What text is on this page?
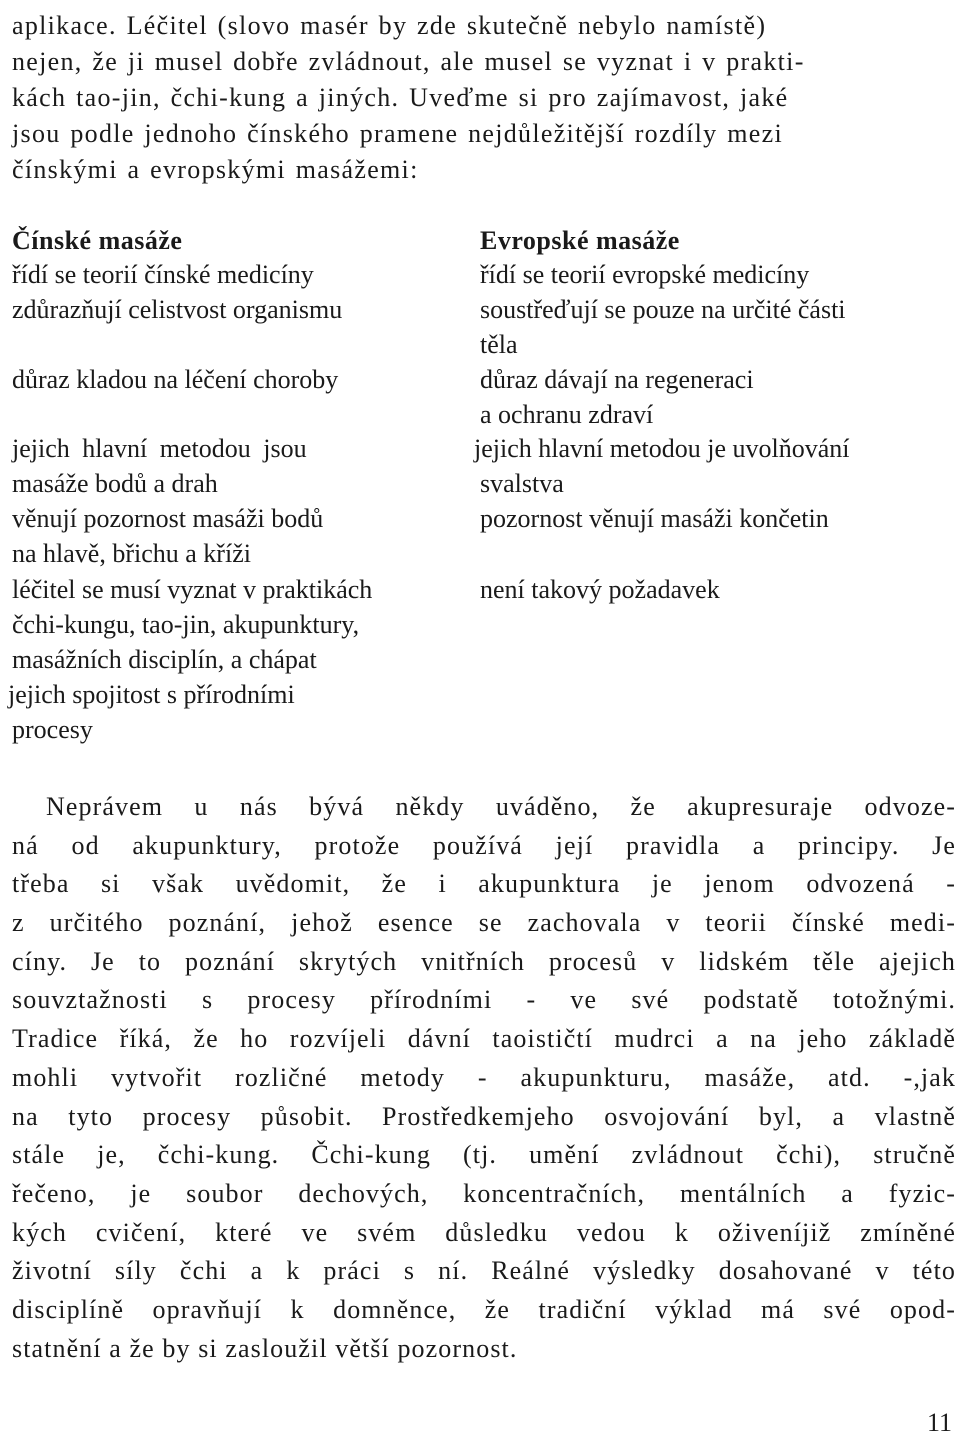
aplikace. Léčitel (slovo masér by zde skutečně nebylo namístě)
nejen, že ji musel dobře zvládnout, ale musel se vyznat i v prakti-
kách tao-jin, čchi-kung a jiných. Uveďme si pro zajímavost, jaké
jsou podle jednoho čínského pramene nejdůležitější rozdíly mezi
čínskými a evropskými masážemi:
Čínské masáže
řídí se teorií čínské medicíny
zdůrazňují celistvost organismu
důraz kladou na léčení choroby
jejich hlavní metodou jsou
masáže bodů a drah
věnují pozornost masáži bodů
na hlavě, břichu a kříži
léčitel se musí vyznat v praktikách
čchi-kungu, tao-jin, akupunktury,
masážních disciplín, a chápat
jejich spojitost s přírodními
procesy
Evropské masáže
řídí se teorií evropské medicíny
soustřeďují se pouze na určité části
těla
důraz dávají na regeneraci
a ochranu zdraví
jejich hlavní metodou je uvolňování
svalstva
pozornost věnují masáži končetin
není takový požadavek
Neprávem u nás bývá někdy uváděno, že akupresuraje odvoze-
ná od akupunktury, protože používá její pravidla a principy. Je
třeba si však uvědomit, že i akupunktura je jenom odvozená -
z určitého poznání, jehož esence se zachovala v teorii čínské medi-
cíny. Je to poznání skrytých vnitřních procesů v lidském těle ajejich
souvztažnosti s procesy přírodními - ve své podstatě totožnými.
Tradice říká, že ho rozvíjeli dávní taoističtí mudrci a na jeho základě
mohli vytvořit rozličné metody - akupunkturu, masáže, atd. -,jak
na tyto procesy působit. Prostředkemjeho osvojování byl, a vlastně
stále je, čchi-kung. Čchi-kung (tj. umění zvládnout čchi), stručně
řečeno, je soubor dechových, koncentračních, mentálních a fyzic-
kých cvičení, které ve svém důsledku vedou k oživeníjiž zmíněné
životní síly čchi a k práci s ní. Reálné výsledky dosahované v této
disciplíně opravňují k domněnce, že tradiční výklad má své opod-
statnění a že by si zasloužil větší pozornost.
11
